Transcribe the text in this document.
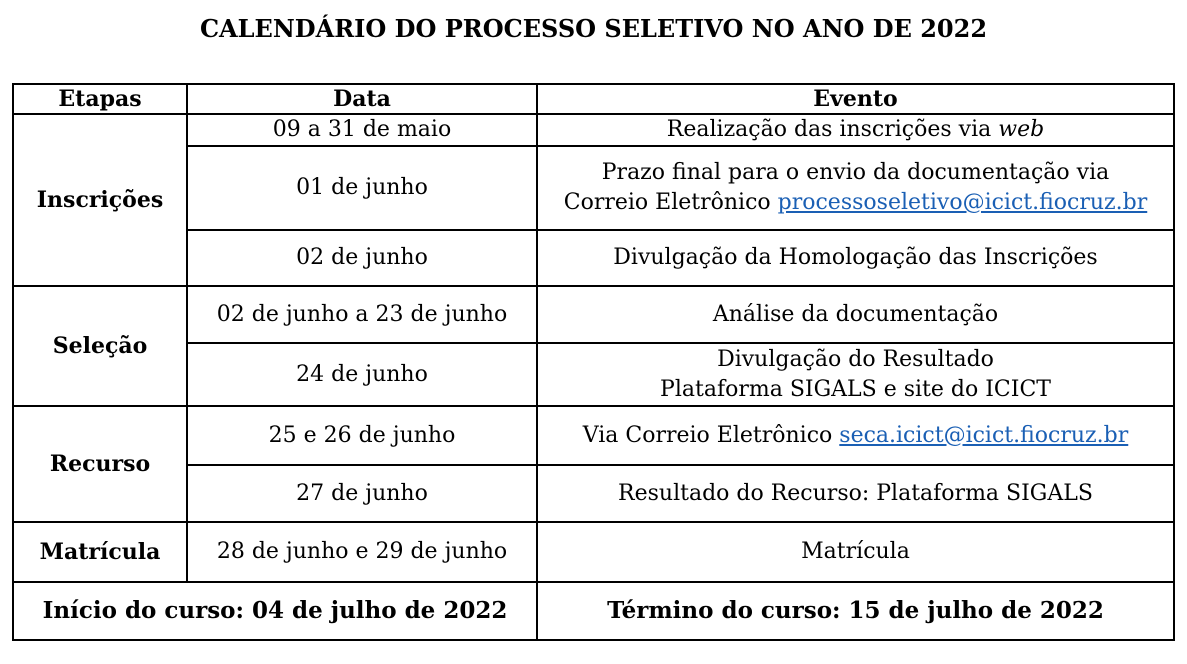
CALENDÁRIO DO PROCESSO SELETIVO NO ANO DE 2022
Etapas	Data	Evento
Inscrições	09 a 31 de maio	Realização das inscrições via web
	01 de junho	Prazo final para o envio da documentação via
Correio Eletrônico processoseletivo@icict.fiocruz.br
	02 de junho	Divulgação da Homologação das Inscrições
Seleção	02 de junho a 23 de junho	Análise da documentação
	24 de junho	Divulgação do Resultado
Plataforma SIGALS e site do ICICT
Recurso	25 e 26 de junho	Via Correio Eletrônico seca.icict@icict.fiocruz.br
	27 de junho	Resultado do Recurso: Plataforma SIGALS
Matrícula	28 de junho e 29 de junho	Matrícula
Início do curso: 04 de julho de 2022		Término do curso: 15 de julho de 2022
